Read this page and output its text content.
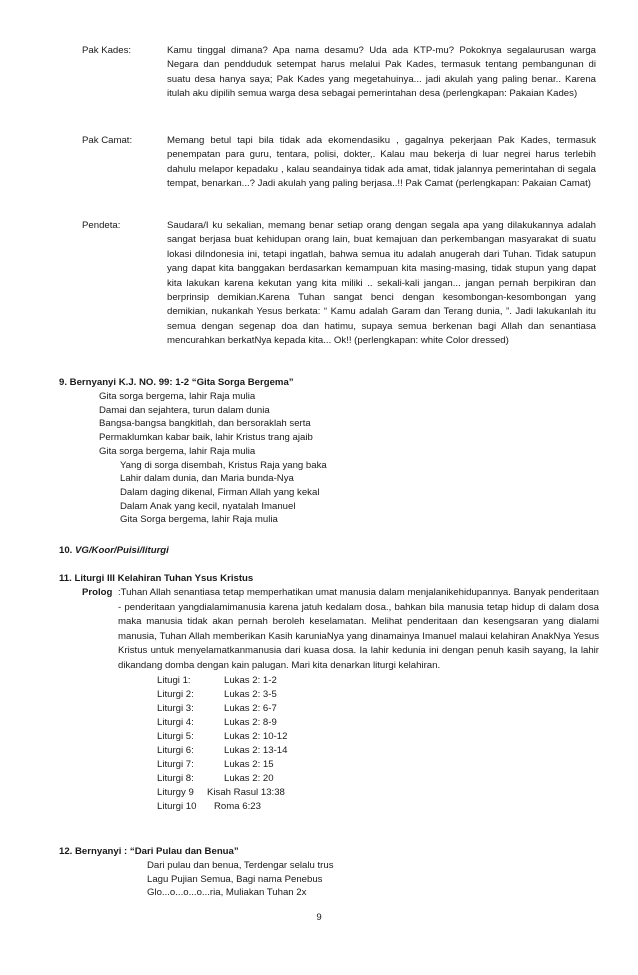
Pak Kades:	Kamu tinggal dimana? Apa nama desamu? Uda ada KTP-mu? Pokoknya segalaurusan warga Negara dan pendduduk setempat harus melalui Pak Kades, termasuk tentang pembangunan di suatu desa hanya saya; Pak Kades yang megetahuinya... jadi akulah yang paling benar.. Karena itulah aku dipilih semua warga desa sebagai pemerintahan desa (perlengkapan: Pakaian Kades)

Pak Camat:	Memang betul tapi bila tidak ada ekomendasiku , gagalnya pekerjaan Pak Kades, termasuk penempatan para guru, tentara, polisi, dokter,. Kalau mau bekerja di luar negrei harus terlebih dahulu melapor kepadaku , kalau seandainya tidak ada amat, tidak jalannya pemerintahan di segala tempat, benarkan...? Jadi akulah yang paling berjasa..!! Pak Camat (perlengkapan: Pakaian Camat)

Pendeta:	Saudara/I ku sekalian, memang benar setiap orang dengan segala apa yang dilakukannya adalah sangat berjasa buat kehidupan orang lain, buat kemajuan dan perkembangan masyarakat di suatu lokasi diIndonesia ini, tetapi ingatlah, bahwa semua itu adalah anugerah dari Tuhan. Tidak satupun yang dapat kita banggakan berdasarkan kemampuan kita masing-masing, tidak stupun yang dapat kita lakukan karena kekutan yang kita miliki .. sekali-kali jangan... jangan pernah berpikiran dan berprinsip demikian.Karena Tuhan sangat benci dengan kesombongan-kesombongan yang demikian, nukankah Yesus berkata: “ Kamu adalah Garam dan Terang dunia, ”. Jadi lakukanlah itu semua dengan segenap doa dan hatimu, supaya semua berkenan bagi Allah dan senantiasa mencurahkan berkatNya kepada kita... Ok!! (perlengkapan: white Color dressed)

9. Bernyanyi K.J. NO. 99: 1-2 “Gita Sorga Bergema”

Gita sorga bergema, lahir Raja mulia

Damai dan sejahtera, turun dalam dunia

Bangsa-bangsa bangkitlah, dan bersoraklah serta

Permaklumkan kabar baik, lahir Kristus trang ajaib

Gita sorga bergema, lahir Raja mulia

Yang di sorga disembah, Kristus Raja yang baka

Lahir dalam dunia, dan Maria bunda-Nya

Dalam daging dikenal, Firman Allah yang kekal

Dalam Anak yang kecil, nyatalah Imanuel

Gita Sorga bergema, lahir Raja mulia

10. VG/Koor/Puisi/liturgi
11. Liturgi III Kelahiran Tuhan Ysus Kristus
Prolog :Tuhan Allah senantiasa tetap memperhatikan umat manusia dalam menjalanikehidupannya. Banyak penderitaan - penderitaan yangdialamimanusia karena jatuh kedalam dosa., bahkan bila manusia tetap hidup di dalam dosa maka manusia tidak akan pernah beroleh keselamatan. Melihat penderitaan dan kesengsaran yang dialami manusia, Tuhan Allah memberikan Kasih karuniaNya yang dinamainya Imanuel malaui kelahiran AnakNya Yesus Kristus untuk menyelamatkanmanusia dari kuasa dosa. Ia lahir kedunia ini dengan penuh kasih sayang, Ia lahir dikandang domba dengan kain palugan. Mari kita denarkan liturgi kelahiran.
Litugi 1:	Lukas 2: 1-2
Liturgi 2:	Lukas 2: 3-5
Liturgi 3:	Lukas 2: 6-7
Liturgi 4:	Lukas 2: 8-9
Liturgi 5:	Lukas 2: 10-12
Liturgi 6:	Lukas 2: 13-14
Liturgi 7:	Lukas 2: 15
Liturgi 8:	Lukas 2: 20
Liturgy 9 Kisah Rasul 13:38
Liturgi 10 Roma 6:23
12. Bernyanyi : “Dari Pulau dan Benua”

Dari pulau dan benua, Terdengar selalu trus

Lagu Pujian Semua, Bagi nama Penebus

Glo...o...o...o...ria, Muliakan Tuhan 2x

9
